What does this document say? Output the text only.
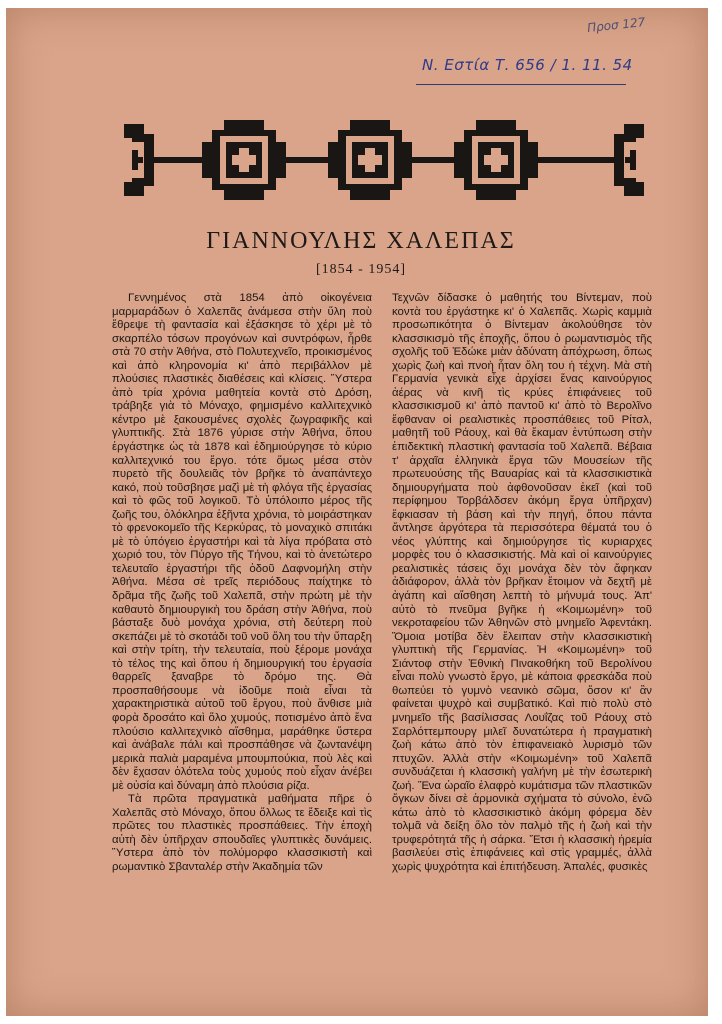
Προσ 127
Ν. Εστία Τ. 656 / 1. 11. 54
ΓΙΑΝΝΟΥΛΗΣ ΧΑΛΕΠΑΣ
[1854 - 1954]

Γεννημένος στὰ 1854 ἀπὸ οἰκογένεια μαρμαράδων ὁ Χαλεπᾶς ἀνάμεσα στὴν ὕλη ποὺ ἔθρεψε τὴ φαντασία καὶ ἐξάσκησε τὸ χέρι μὲ τὸ σκαρπέλο τόσων προγόνων καὶ συντρόφων, ἦρθε στὰ 70 στὴν Ἀθήνα, στὸ Πολυτεχνεῖο, προικισμένος καὶ ἀπὸ κληρονομία κι' ἀπὸ περιβάλλον μὲ πλούσιες πλαστικὲς διαθέσεις καὶ κλίσεις. Ὕστερα ἀπὸ τρία χρόνια μαθητεία κοντὰ στὸ Δρόση, τράβηξε γιὰ τὸ Μόναχο, φημισμένο καλλιτεχνικὸ κέντρο μὲ ξακουσμένες σχολὲς ζωγραφικῆς καὶ γλυπτικῆς. Στὰ 1876 γύρισε στὴν Ἀθήνα, ὅπου ἐργάστηκε ὡς τὰ 1878 καὶ ἐδημιούργησε τὸ κύριο καλλιτεχνικό του ἔργο. τότε ὅμως μέσα στὸν πυρετὸ τῆς δουλειᾶς τὸν βρῆκε τὸ ἀναπάντεχο κακό, ποὺ τοῦσβησε μαζὶ μὲ τὴ φλόγα τῆς ἐργασίας καὶ τὸ φῶς τοῦ λογικοῦ. Τὸ ὑπόλοιπο μέρος τῆς ζωῆς του, ὁλόκληρα ἑξῆντα χρόνια, τὸ μοιράστηκαν τὸ φρενοκομεῖο τῆς Κερκύρας, τὸ μοναχικὸ σπιτάκι μὲ τὸ ὑπόγειο ἐργαστήρι καὶ τὰ λίγα πρόβατα στὸ χωριό του, τὸν Πύργο τῆς Τήνου, καὶ τὸ ἀνετώτερο τελευταῖο ἐργαστήρι τῆς ὁδοῦ Δαφνομήλη στὴν Ἀθήνα. Μέσα σὲ τρεῖς περιόδους παίχτηκε τὸ δρᾶμα τῆς ζωῆς τοῦ Χαλεπᾶ, στὴν πρώτη μὲ τὴν καθαυτὸ δημιουργικὴ του δράση στὴν Ἀθήνα, ποὺ βάσταξε δυὸ μονάχα χρόνια, στὴ δεύτερη ποὺ σκεπάζει μὲ τὸ σκοτάδι τοῦ νοῦ ὅλη του τὴν ὕπαρξη καὶ στὴν τρίτη, τὴν τελευταία, ποὺ ξέρομε μονάχα τὸ τέλος της καὶ ὅπου ἡ δημιουργική του ἐργασία θαρρεῖς ξαναβρε τὸ δρόμο της. Θὰ προσπαθήσουμε νὰ ἰδοῦμε ποιὰ εἶναι τὰ χαρακτηριστικὰ αὐτοῦ τοῦ ἔργου, ποὺ ἄνθισε μιὰ φορὰ δροσάτο καὶ ὅλο χυμούς, ποτισμένο ἀπὸ ἕνα πλούσιο καλλιτεχνικὸ αἴσθημα, μαράθηκε ὕστερα καὶ ἀνάβαλε πάλι καὶ προσπάθησε νὰ ζωντανέψη μερικὰ παλιὰ μαραμένα μπουμπούκια, ποὺ λὲς καὶ δὲν ἔχασαν ὁλότελα τοὺς χυμούς ποὺ εἶχαν ἀνέβει μὲ οὐσία καὶ δύναμη ἀπὸ πλούσια ρίζα.

Τὰ πρῶτα πραγματικὰ μαθήματα πῆρε ὁ Χαλεπᾶς στὸ Μόναχο, ὅπου ὅλλως τε ἔδειξε καὶ τὶς πρῶτες του πλαστικὲς προσπάθειες. Τὴν ἐποχὴ αὐτὴ δὲν ὑπῆρχαν σπουδαῖες γλυπτικὲς δυνάμεις. Ὕστερα ἀπὸ τὸν πολύμορφο κλασσικιστὴ καὶ ρωμαντικὸ Σβανταλέρ στὴν Ἀκαδημία τῶν

Τεχνῶν δίδασκε ὁ μαθητής του Βίντεμαν, ποὺ κοντὰ του ἐργάστηκε κι' ὁ Χαλεπᾶς. Χωρὶς καμμιὰ προσωπικότητα ὁ Βίντεμαν ἀκολούθησε τὸν κλασσικισμὸ τῆς ἐποχῆς, ὅπου ὁ ρωμαντισμὸς τῆς σχολῆς τοῦ Ἐδώκε μιὰν ἀδύνατη ἀπόχρωση, ὅπως χωρὶς ζωὴ καὶ πνοὴ ἦταν ὅλη του ἡ τέχνη. Μὰ στὴ Γερμανία γενικὰ εἶχε ἀρχίσει ἕνας καινούργιος ἀέρας νὰ κινῆ τὶς κρύες ἐπιφάνειες τοῦ κλασσικισμοῦ κι' ἀπὸ παντοῦ κι' ἀπὸ τὸ Βερολῖνο ἔφθαναν οἱ ρεαλιστικὲς προσπάθειες τοῦ Ρίτσλ, μαθητῆ τοῦ Ράουχ, καὶ θὰ ἔκαμαν ἐντύπωση στὴν ἐπιδεκτικὴ πλαστικὴ φαντασία τοῦ Χαλεπᾶ. Βέβαια τ' ἀρχαῖα ἑλληνικὰ ἔργα τῶν Μουσείων τῆς πρωτευούσης τῆς Βαυαρίας καὶ τὰ κλασσικιστικὰ δημιουργήματα ποὺ ἀφθονοῦσαν ἐκεῖ (καὶ τοῦ περίφημου Τορβάλδσεν ἀκόμη ἔργα ὑπῆρχαν) ἔφκιασαν τὴ βάση καὶ τὴν πηγή, ὅπου πάντα ἄντλησε ἀργότερα τὰ περισσότερα θέματά του ὁ νέος γλύπτης καὶ δημιούργησε τὶς κυριαρχες μορφὲς του ὁ κλασσικιστής. Μὰ καὶ οἱ καινούργιες ρεαλιστικὲς τάσεις ὄχι μονάχα δὲν τὸν ἄφηκαν ἀδιάφορον, ἀλλὰ τὸν βρῆκαν ἕτοιμον νὰ δεχτῆ μὲ ἀγάπη καὶ αἴσθηση λεπτὴ τὸ μήνυμά τους. Ἀπ' αὐτὸ τὸ πνεῦμα βγῆκε ἡ «Κοιμωμένη» τοῦ νεκροταφείου τῶν Ἀθηνῶν στὸ μνημεῖο Ἀφεντάκη. Ὅμοια μοτίβα δὲν ἔλειπαν στὴν κλασσικιστικὴ γλυπτικὴ τῆς Γερμανίας. Ἡ «Κοιμωμένη» τοῦ Σιάντοφ στὴν Ἐθνικὴ Πινακοθήκη τοῦ Βερολίνου εἶναι πολὺ γνωστὸ ἔργο, μὲ κάποια φρεσκάδα ποὺ θωπεύει τὸ γυμνὸ νεανικὸ σῶμα, ὅσον κι' ἂν φαίνεται ψυχρὸ καὶ συμβατικό. Καὶ πιὸ πολὺ στὸ μνημεῖο τῆς βασίλισσας Λουΐζας τοῦ Ράουχ στὸ Σαρλόττεμπουργ μιλεῖ δυνατώτερα ἡ πραγματικὴ ζωὴ κάτω ἀπὸ τὸν ἐπιφανειακὸ λυρισμὸ τῶν πτυχῶν. Ἀλλὰ στὴν «Κοιμωμένη» τοῦ Χαλεπᾶ συνδυάζεται ἡ κλασσικὴ γαλήνη μὲ τὴν ἐσωτερικὴ ζωή. Ἕνα ὡραῖο ἐλαφρὸ κυμάτισμα τῶν πλαστικῶν ὄγκων δίνει σὲ ἁρμονικὰ σχήματα τὸ σύνολο, ἐνῶ κάτω ἀπὸ τὸ κλασσικιστικὸ ἀκόμη φόρεμα δὲν τολμᾶ νὰ δείξη ὅλο τὸν παλμὸ τῆς ἡ ζωὴ καὶ τὴν τρυφερότητά τῆς ἡ σάρκα. Ἔτσι ἡ κλασσικὴ ἠρεμία βασιλεύει στὶς ἐπιφάνειες καὶ στὶς γραμμές, ἀλλὰ χωρὶς ψυχρότητα καὶ ἐπιτήδευση. Ἀπαλές, φυσικὲς
